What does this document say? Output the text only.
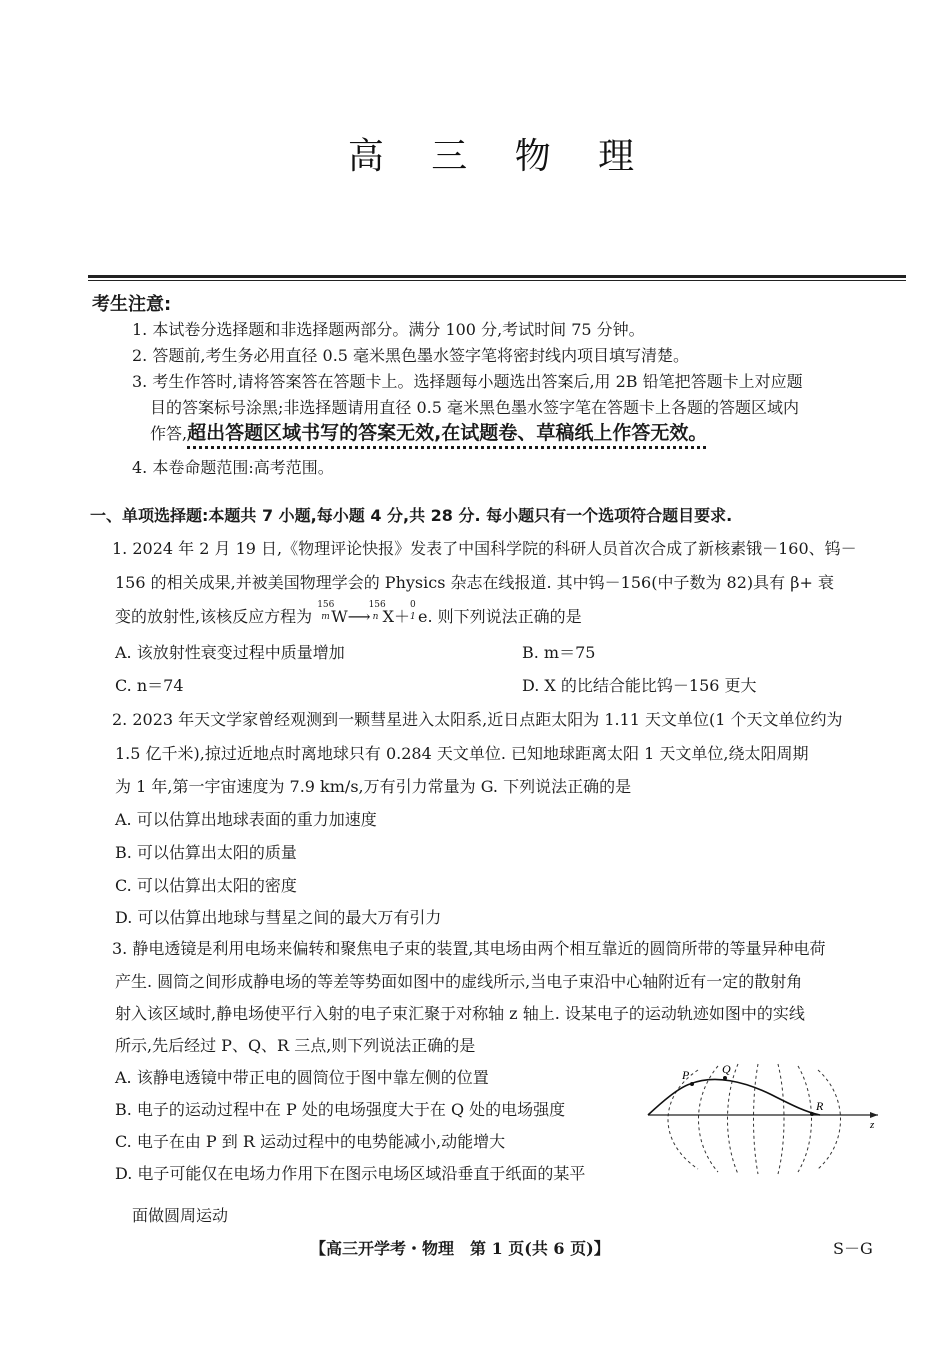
高 三 物 理
考生注意:
1. 本试卷分选择题和非选择题两部分。满分 100 分,考试时间 75 分钟。
2. 答题前,考生务必用直径 0.5 毫米黑色墨水签字笔将密封线内项目填写清楚。
3. 考生作答时,请将答案答在答题卡上。选择题每小题选出答案后,用 2B 铅笔把答题卡上对应题
目的答案标号涂黑;非选择题请用直径 0.5 毫米黑色墨水签字笔在答题卡上各题的答题区域内
作答,超出答题区域书写的答案无效,在试题卷、草稿纸上作答无效。
4. 本卷命题范围:高考范围。
一、单项选择题:本题共 7 小题,每小题 4 分,共 28 分. 每小题只有一个选项符合题目要求.
1. 2024 年 2 月 19 日,《物理评论快报》发表了中国科学院的科研人员首次合成了新核素锇－160、钨－
156 的相关成果,并被美国物理学会的 Physics 杂志在线报道. 其中钨－156(中子数为 82)具有 β+ 衰
变的放射性,该核反应方程为
156
m W⟶
156
n X＋
0
1 e. 则下列说法正确的是
A. 该放射性衰变过程中质量增加	B. m＝75
C. n＝74	D. X 的比结合能比钨－156 更大
2. 2023 年天文学家曾经观测到一颗彗星进入太阳系,近日点距太阳为 1.11 天文单位(1 个天文单位约为
1.5 亿千米),掠过近地点时离地球只有 0.284 天文单位. 已知地球距离太阳 1 天文单位,绕太阳周期
为 1 年,第一宇宙速度为 7.9 km/s,万有引力常量为 G. 下列说法正确的是
A. 可以估算出地球表面的重力加速度
B. 可以估算出太阳的质量
C. 可以估算出太阳的密度
D. 可以估算出地球与彗星之间的最大万有引力
3. 静电透镜是利用电场来偏转和聚焦电子束的装置,其电场由两个相互靠近的圆筒所带的等量异种电荷
产生. 圆筒之间形成静电场的等差等势面如图中的虚线所示,当电子束沿中心轴附近有一定的散射角
射入该区域时,静电场使平行入射的电子束汇聚于对称轴 z 轴上. 设某电子的运动轨迹如图中的实线
所示,先后经过 P、Q、R 三点,则下列说法正确的是
A. 该静电透镜中带正电的圆筒位于图中靠左侧的位置
B. 电子的运动过程中在 P 处的电场强度大于在 Q 处的电场强度
C. 电子在由 P 到 R 运动过程中的电势能减小,动能增大
D. 电子可能仅在电场力作用下在图示电场区域沿垂直于纸面的某平
面做圆周运动
P	Q
R
z
【高三开学考・物理　第 1 页(共 6 页)】	S－G
